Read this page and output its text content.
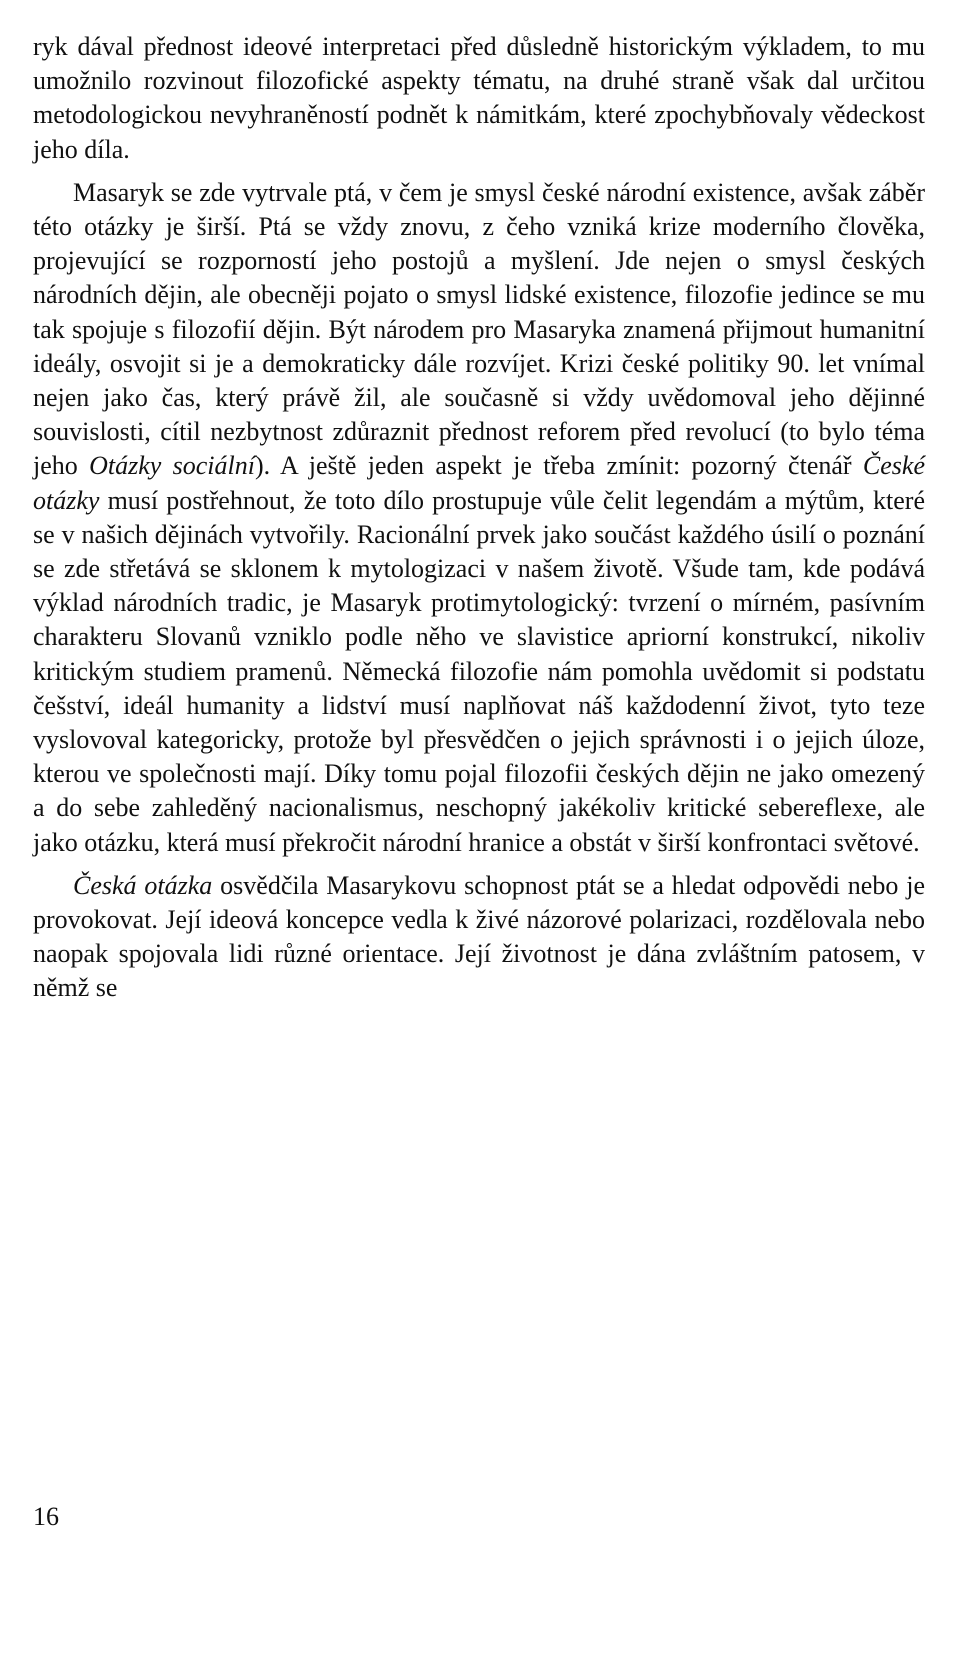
ryk dával přednost ideové interpretaci před důsledně historickým výkladem, to mu umožnilo rozvinout filozofické aspekty tématu, na druhé straně však dal určitou metodologickou nevyhraněností podnět k námitkám, které zpochybňovaly vědeckost jeho díla.

Masaryk se zde vytrvale ptá, v čem je smysl české národní existence, avšak záběr této otázky je širší. Ptá se vždy znovu, z čeho vzniká krize moderního člověka, projevující se rozporností jeho postojů a myšlení. Jde nejen o smysl českých národních dějin, ale obecněji pojato o smysl lidské existence, filozofie jedince se mu tak spojuje s filozofií dějin. Být národem pro Masaryka znamená přijmout humanitní ideály, osvojit si je a demokraticky dále rozvíjet. Krizi české politiky 90. let vnímal nejen jako čas, který právě žil, ale současně si vždy uvědomoval jeho dějinné souvislosti, cítil nezbytnost zdůraznit přednost reforem před revolucí (to bylo téma jeho Otázky sociální). A ještě jeden aspekt je třeba zmínit: pozorný čtenář České otázky musí postřehnout, že toto dílo prostupuje vůle čelit legendám a mýtům, které se v našich dějinách vytvořily. Racionální prvek jako součást každého úsilí o poznání se zde střetává se sklonem k mytologizaci v našem životě. Všude tam, kde podává výklad národních tradic, je Masaryk protimytologický: tvrzení o mírném, pasívním charakteru Slovanů vzniklo podle něho ve slavistice apriorní konstrukcí, nikoliv kritickým studiem pramenů. Německá filozofie nám pomohla uvědomit si podstatu češství, ideál humanity a lidství musí naplňovat náš každodenní život, tyto teze vyslovoval kategoricky, protože byl přesvědčen o jejich správnosti i o jejich úloze, kterou ve společnosti mají. Díky tomu pojal filozofii českých dějin ne jako omezený a do sebe zahleděný nacionalismus, neschopný jakékoliv kritické sebereflexe, ale jako otázku, která musí překročit národní hranice a obstát v širší konfrontaci světové.

Česká otázka osvědčila Masarykovu schopnost ptát se a hledat odpovědi nebo je provokovat. Její ideová koncepce vedla k živé názorové polarizaci, rozdělovala nebo naopak spojovala lidi různé orientace. Její životnost je dána zvláštním patosem, v němž se

16
